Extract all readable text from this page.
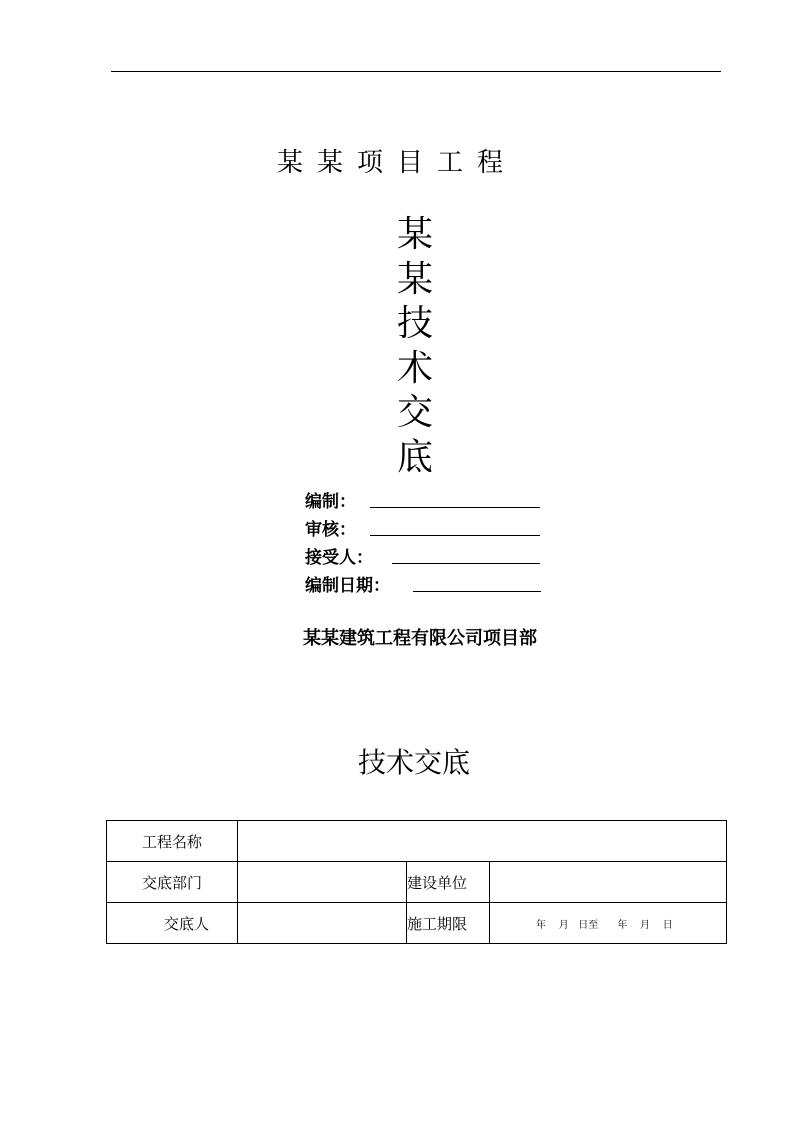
某某项目工程
某
某
技
术
交
底
编制：
审核：
接受人：
编制日期：
某某建筑工程有限公司项目部
技术交底
工程名称			
交底部门		建设单位	
交底人		施工期限	年    月   日至      年    月    日
